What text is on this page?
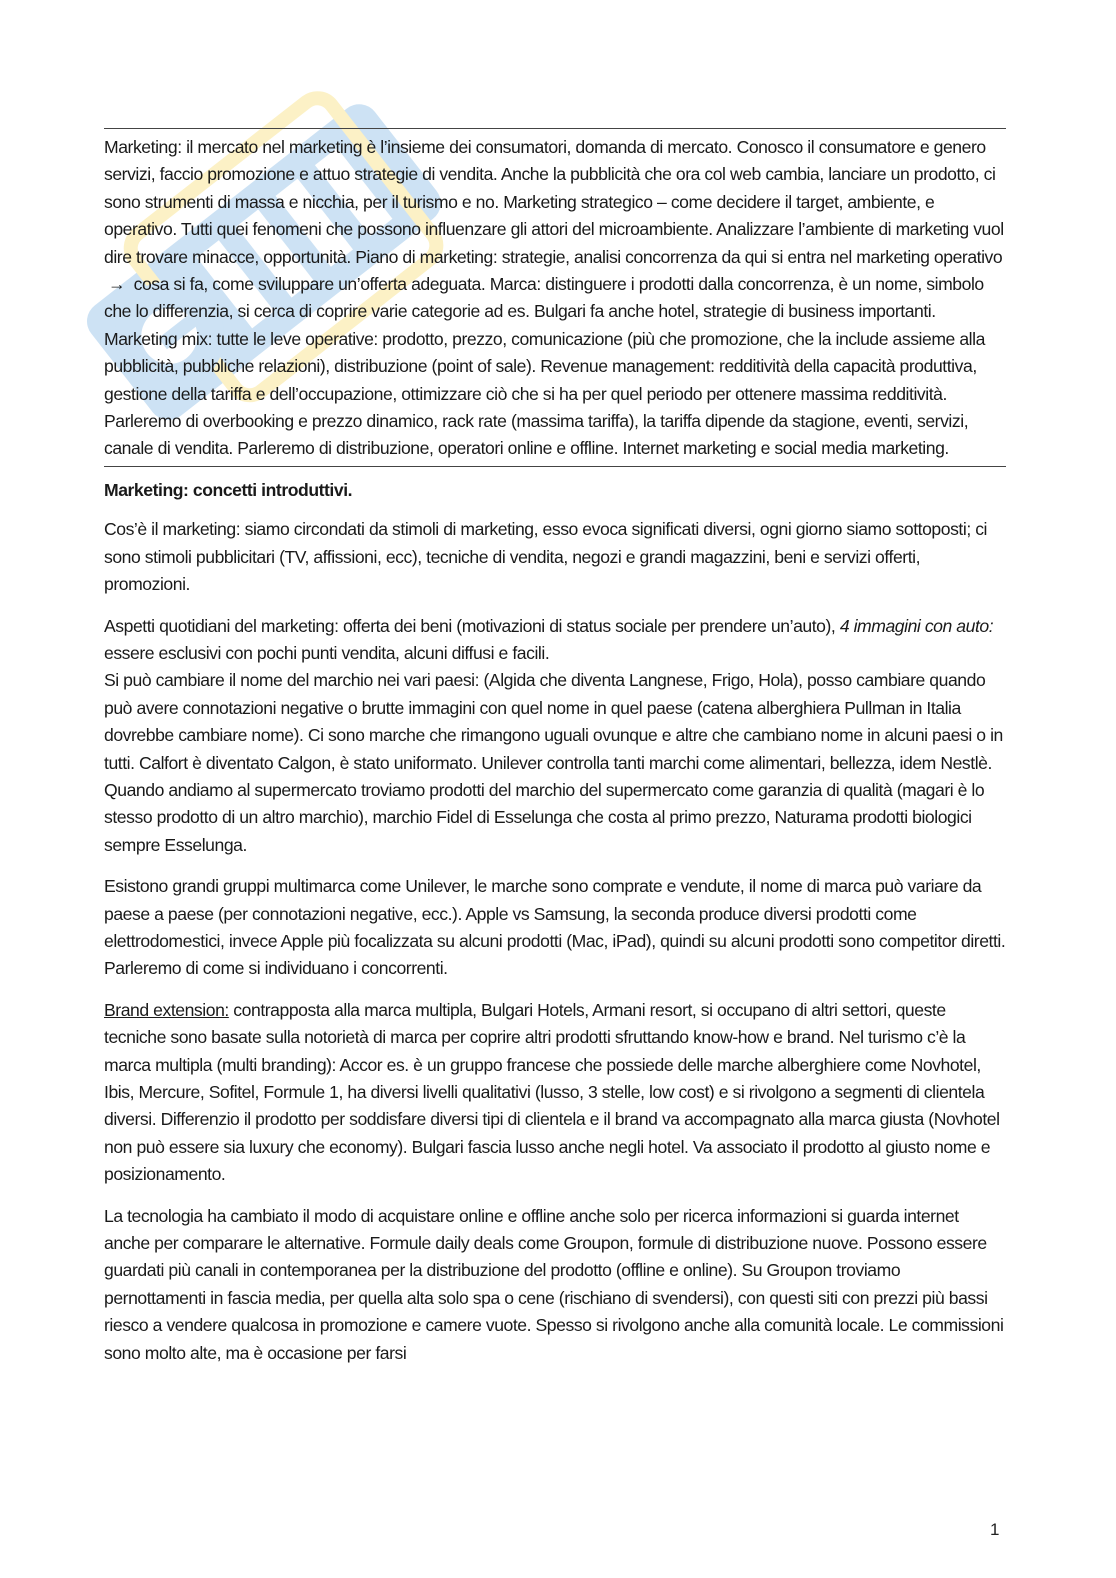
Marketing: il mercato nel marketing è l’insieme dei consumatori, domanda di mercato. Conosco il consumatore e genero servizi, faccio promozione e attuo strategie di vendita. Anche la pubblicità che ora col web cambia, lanciare un prodotto, ci sono strumenti di massa e nicchia, per il turismo e no. Marketing strategico – come decidere il target, ambiente, e operativo. Tutti quei fenomeni che possono influenzare gli attori del microambiente. Analizzare l’ambiente di marketing vuol dire trovare minacce, opportunità. Piano di marketing: strategie, analisi concorrenza da qui si entra nel marketing operativo → cosa si fa, come sviluppare un’offerta adeguata. Marca: distinguere i prodotti dalla concorrenza, è un nome, simbolo che lo differenzia, si cerca di coprire varie categorie ad es. Bulgari fa anche hotel, strategie di business importanti. Marketing mix: tutte le leve operative: prodotto, prezzo, comunicazione (più che promozione, che la include assieme alla pubblicità, pubbliche relazioni), distribuzione (point of sale). Revenue management: redditività della capacità produttiva, gestione della tariffa e dell’occupazione, ottimizzare ciò che si ha per quel periodo per ottenere massima redditività. Parleremo di overbooking e prezzo dinamico, rack rate (massima tariffa), la tariffa dipende da stagione, eventi, servizi, canale di vendita. Parleremo di distribuzione, operatori online e offline. Internet marketing e social media marketing.

Marketing: concetti introduttivi.

Cos’è il marketing: siamo circondati da stimoli di marketing, esso evoca significati diversi, ogni giorno siamo sottoposti; ci sono stimoli pubblicitari (TV, affissioni, ecc), tecniche di vendita, negozi e grandi magazzini, beni e servizi offerti, promozioni.

Aspetti quotidiani del marketing: offerta dei beni (motivazioni di status sociale per prendere un’auto), 4 immagini con auto: essere esclusivi con pochi punti vendita, alcuni diffusi e facili.
Si può cambiare il nome del marchio nei vari paesi: (Algida che diventa Langnese, Frigo, Hola), posso cambiare quando può avere connotazioni negative o brutte immagini con quel nome in quel paese (catena alberghiera Pullman in Italia dovrebbe cambiare nome). Ci sono marche che rimangono uguali ovunque e altre che cambiano nome in alcuni paesi o in tutti. Calfort è diventato Calgon, è stato uniformato. Unilever controlla tanti marchi come alimentari, bellezza, idem Nestlè. Quando andiamo al supermercato troviamo prodotti del marchio del supermercato come garanzia di qualità (magari è lo stesso prodotto di un altro marchio), marchio Fidel di Esselunga che costa al primo prezzo, Naturama prodotti biologici sempre Esselunga.

Esistono grandi gruppi multimarca come Unilever, le marche sono comprate e vendute, il nome di marca può variare da paese a paese (per connotazioni negative, ecc.). Apple vs Samsung, la seconda produce diversi prodotti come elettrodomestici, invece Apple più focalizzata su alcuni prodotti (Mac, iPad), quindi su alcuni prodotti sono competitor diretti. Parleremo di come si individuano i concorrenti.

Brand extension: contrapposta alla marca multipla, Bulgari Hotels, Armani resort, si occupano di altri settori, queste tecniche sono basate sulla notorietà di marca per coprire altri prodotti sfruttando know-how e brand. Nel turismo c’è la marca multipla (multi branding): Accor es. è un gruppo francese che possiede delle marche alberghiere come Novhotel, Ibis, Mercure, Sofitel, Formule 1, ha diversi livelli qualitativi (lusso, 3 stelle, low cost) e si rivolgono a segmenti di clientela diversi. Differenzio il prodotto per soddisfare diversi tipi di clientela e il brand va accompagnato alla marca giusta (Novhotel non può essere sia luxury che economy). Bulgari fascia lusso anche negli hotel. Va associato il prodotto al giusto nome e posizionamento.

La tecnologia ha cambiato il modo di acquistare online e offline anche solo per ricerca informazioni si guarda internet anche per comparare le alternative. Formule daily deals come Groupon, formule di distribuzione nuove. Possono essere guardati più canali in contemporanea per la distribuzione del prodotto (offline e online). Su Groupon troviamo pernottamenti in fascia media, per quella alta solo spa o cene (rischiano di svendersi), con questi siti con prezzi più bassi riesco a vendere qualcosa in promozione e camere vuote. Spesso si rivolgono anche alla comunità locale. Le commissioni sono molto alte, ma è occasione per farsi

1
